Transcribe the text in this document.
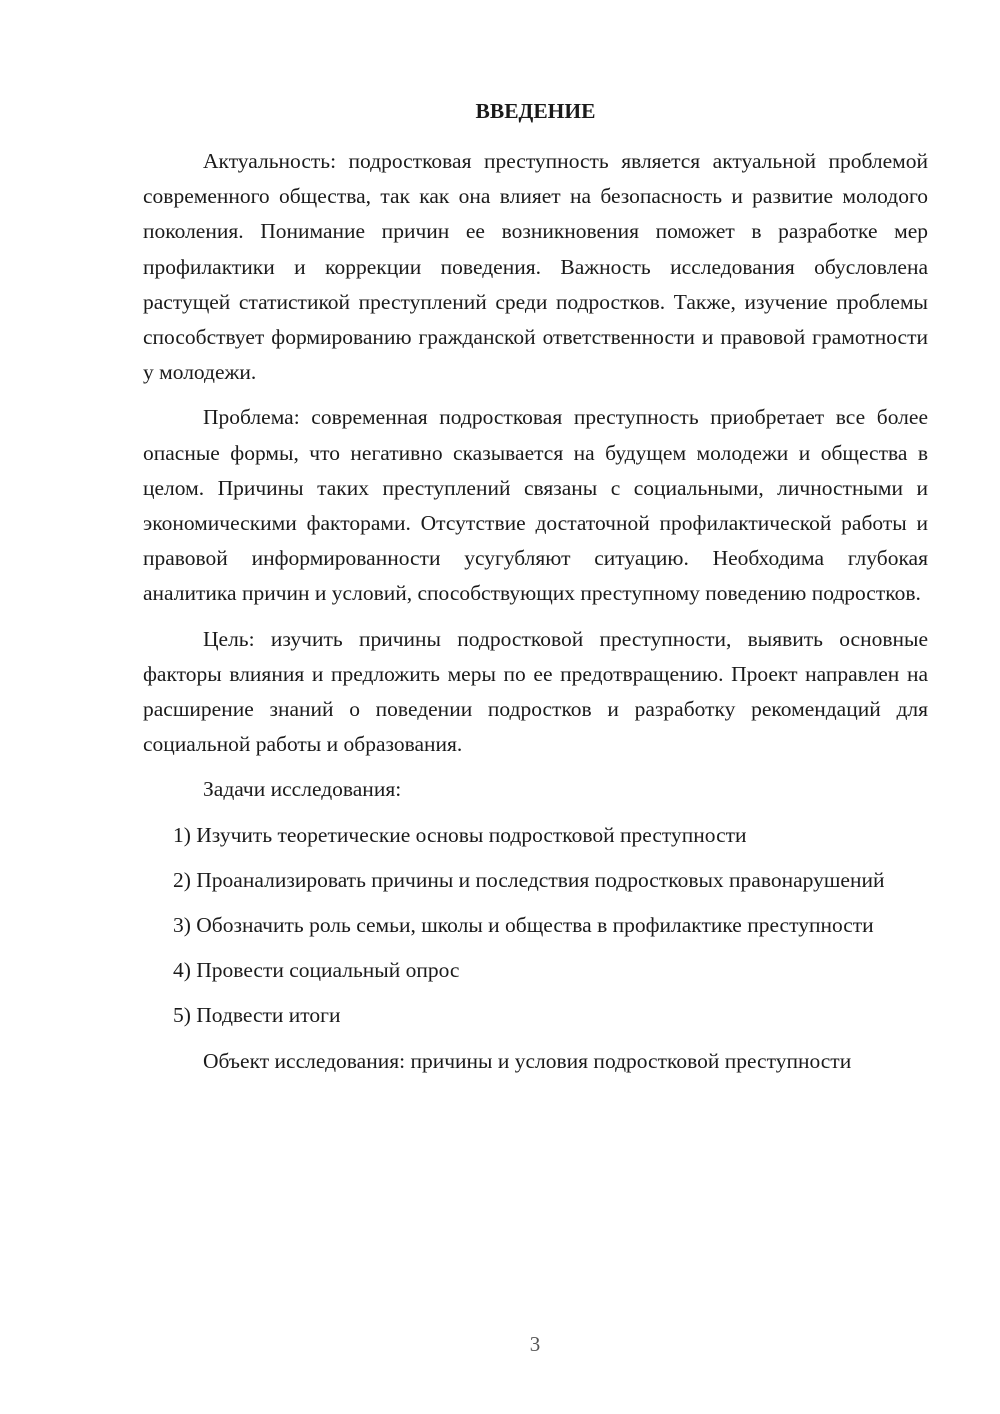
ВВЕДЕНИЕ

Актуальность: подростковая преступность является актуальной проблемой современного общества, так как она влияет на безопасность и развитие молодого поколения. Понимание причин ее возникновения поможет в разработке мер профилактики и коррекции поведения. Важность исследования обусловлена растущей статистикой преступлений среди подростков. Также, изучение проблемы способствует формированию гражданской ответственности и правовой грамотности у молодежи.

Проблема: современная подростковая преступность приобретает все более опасные формы, что негативно сказывается на будущем молодежи и общества в целом. Причины таких преступлений связаны с социальными, личностными и экономическими факторами. Отсутствие достаточной профилактической работы и правовой информированности усугубляют ситуацию. Необходима глубокая аналитика причин и условий, способствующих преступному поведению подростков.

Цель: изучить причины подростковой преступности, выявить основные факторы влияния и предложить меры по ее предотвращению. Проект направлен на расширение знаний о поведении подростков и разработку рекомендаций для социальной работы и образования.

Задачи исследования:

1) Изучить теоретические основы подростковой преступности

2) Проанализировать причины и последствия подростковых правонарушений

3) Обозначить роль семьи, школы и общества в профилактике преступности

4) Провести социальный опрос

5) Подвести итоги

Объект исследования: причины и условия подростковой преступности

3
